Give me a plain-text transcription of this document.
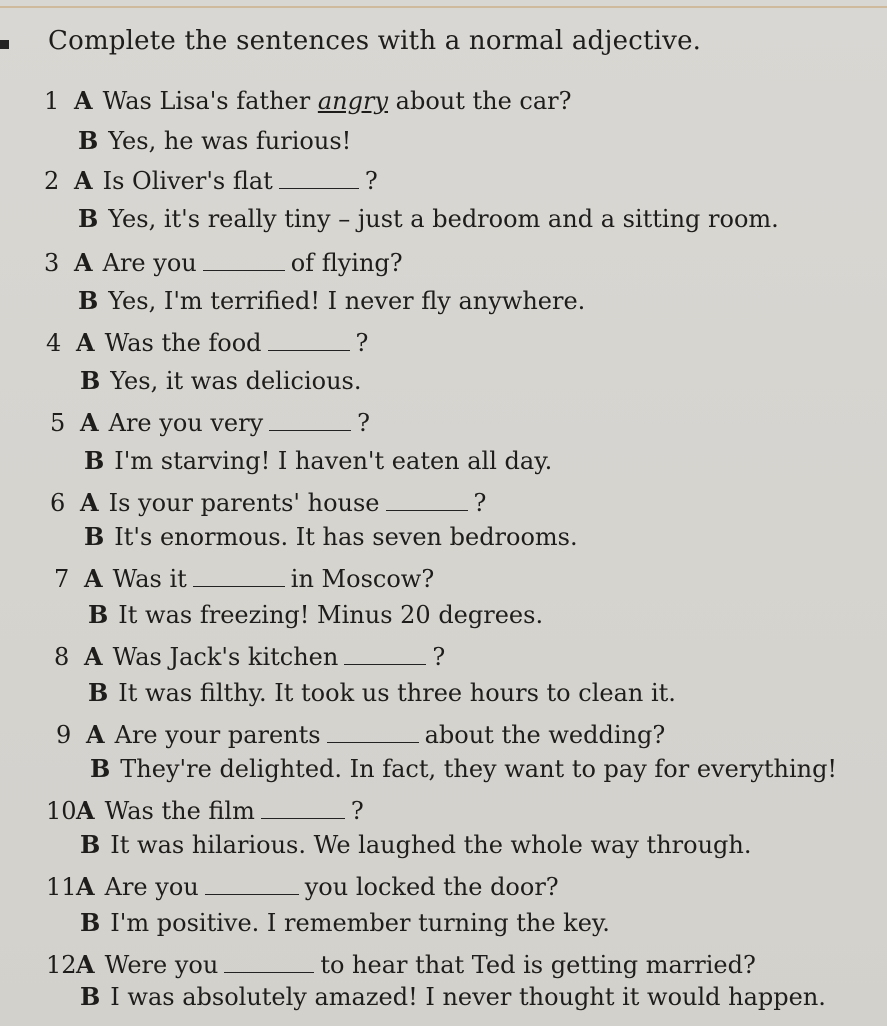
Complete the sentences with a normal adjective.
1 A Was Lisa's father angry about the car?
B Yes, he was furious!
2 A Is Oliver's flat	?
B Yes, it's really tiny – just a bedroom and a sitting room.
3 A Are you	of flying?
B Yes, I'm terrified! I never fly anywhere.
4 A Was the food	?
B Yes, it was delicious.
5 A Are you very	?
B I'm starving! I haven't eaten all day.
6 A Is your parents' house	?
B It's enormous. It has seven bedrooms.
7 A Was it	in Moscow?
B It was freezing! Minus 20 degrees.
8 A Was Jack's kitchen	?
B It was filthy. It took us three hours to clean it.
9 A Are your parents	about the wedding?
B They're delighted. In fact, they want to pay for everything!
10A Was the film	?
B It was hilarious. We laughed the whole way through.
11A Are you	you locked the door?
B I'm positive. I remember turning the key.
12A Were you	to hear that Ted is getting married?
B I was absolutely amazed! I never thought it would happen.
